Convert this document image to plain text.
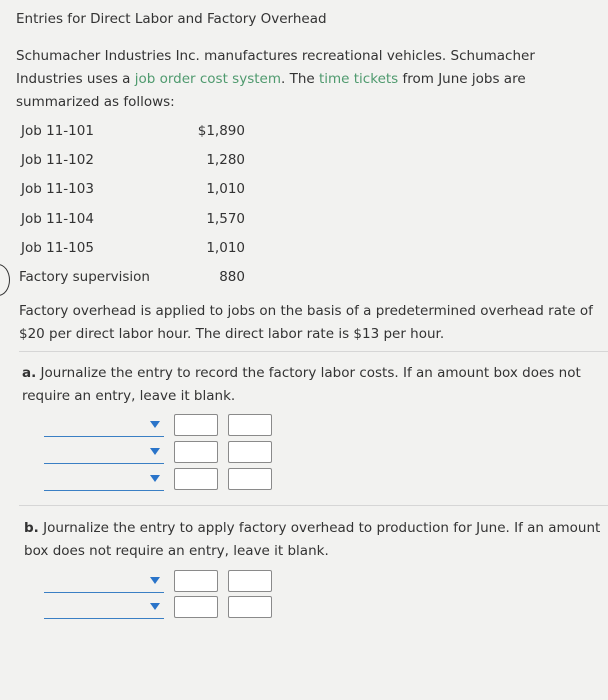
Entries for Direct Labor and Factory Overhead
Schumacher Industries Inc. manufactures recreational vehicles. Schumacher Industries uses a job order cost system. The time tickets from June jobs are summarized as follows:
Job 11-101	$1,890
Job 11-102	1,280
Job 11-103	1,010
Job 11-104	1,570
Job 11-105	1,010
Factory supervision	880
Factory overhead is applied to jobs on the basis of a predetermined overhead rate of $20 per direct labor hour. The direct labor rate is $13 per hour.
a. Journalize the entry to record the factory labor costs. If an amount box does not require an entry, leave it blank.
b. Journalize the entry to apply factory overhead to production for June. If an amount box does not require an entry, leave it blank.
